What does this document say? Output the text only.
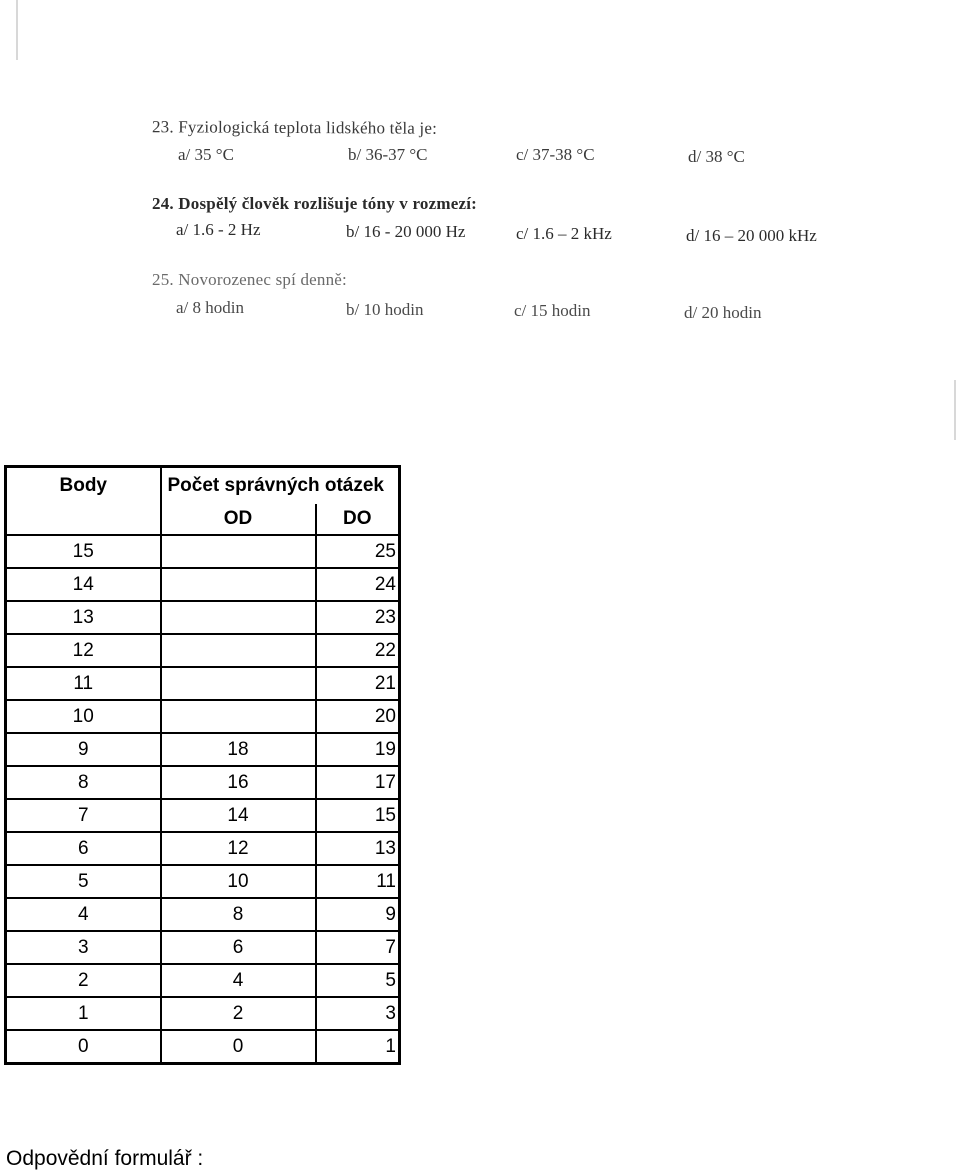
23. Fyziologická teplota lidského těla je:
a/ 35 °C	b/ 36-37 °C	c/ 37-38 °C	d/ 38 °C
24. Dospělý člověk rozlišuje tóny v rozmezí:
a/ 1.6 - 2 Hz	b/ 16 - 20 000 Hz	c/ 1.6 – 2 kHz	d/ 16 – 20 000 kHz
25. Novorozenec spí denně:
a/ 8 hodin	b/ 10 hodin	c/ 15 hodin	d/ 20 hodin
Body	Počet správných otázek	
	OD	DO
15		25
14		24
13		23
12		22
11		21
10		20
9	18	19
8	16	17
7	14	15
6	12	13
5	10	11
4	8	9
3	6	7
2	4	5
1	2	3
0	0	1
Odpovědní formulář :
